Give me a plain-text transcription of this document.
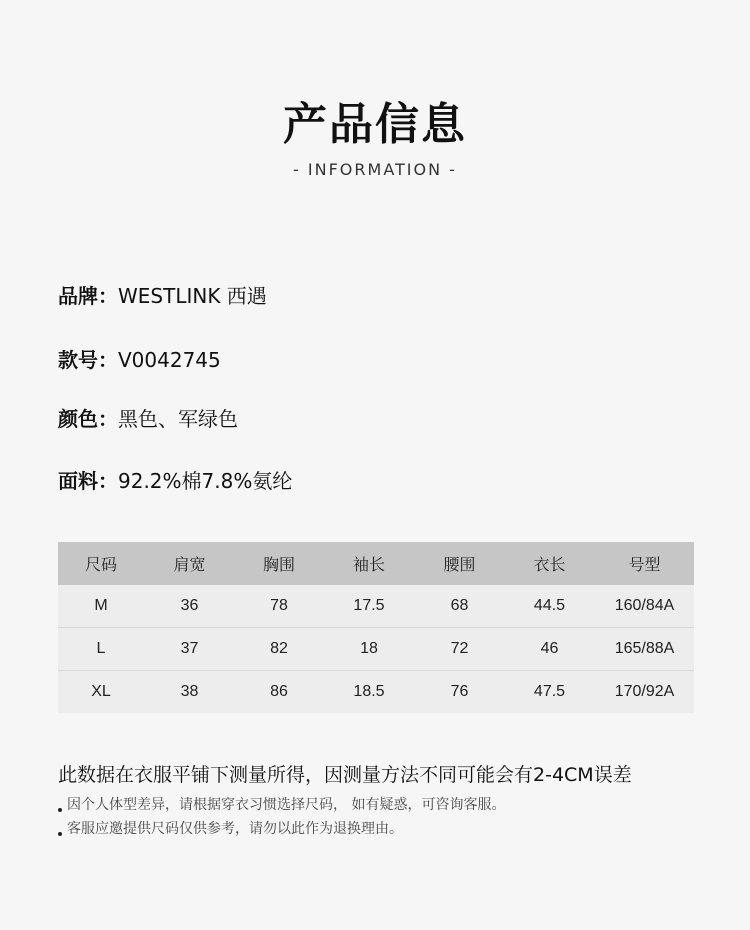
产品信息
- INFORMATION -
品牌：WESTLINK 西遇
款号：V0042745
颜色：黑色、军绿色
面料：92.2%棉7.8%氨纶
尺码	肩宽	胸围	袖长	腰围	衣长	号型
M	36	78	17.5	68	44.5	160/84A
L	37	82	18	72	46	165/88A
XL	38	86	18.5	76	47.5	170/92A
此数据在衣服平铺下测量所得，因测量方法不同可能会有2-4CM误差
因个人体型差异，请根据穿衣习惯选择尺码， 如有疑惑，可咨询客服。
客服应邀提供尺码仅供参考，请勿以此作为退换理由。
